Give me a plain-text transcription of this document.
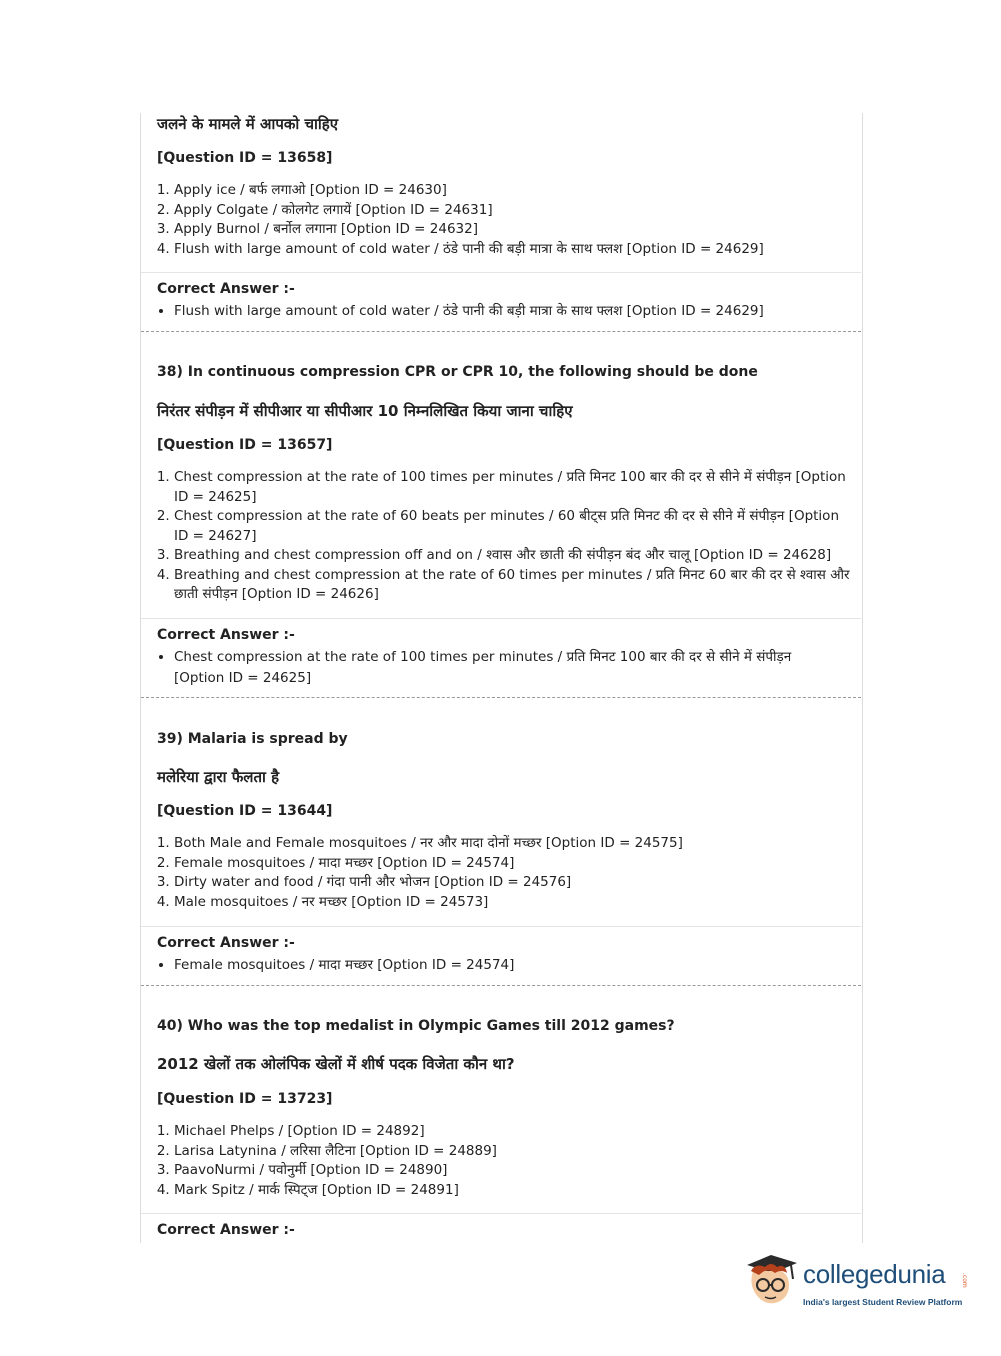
जलने के मामले में आपको चाहिए
[Question ID = 13658]
1. Apply ice / बर्फ लगाओ [Option ID = 24630]
2. Apply Colgate / कोलगेट लगायें [Option ID = 24631]
3. Apply Burnol / बर्नोल लगाना [Option ID = 24632]
4. Flush with large amount of cold water / ठंडे पानी की बड़ी मात्रा के साथ फ्लश [Option ID = 24629]
Correct Answer :-
• Flush with large amount of cold water / ठंडे पानी की बड़ी मात्रा के साथ फ्लश [Option ID = 24629]
38) In continuous compression CPR or CPR 10, the following should be done
निरंतर संपीड़न में सीपीआर या सीपीआर 10 निम्नलिखित किया जाना चाहिए
[Question ID = 13657]
1. Chest compression at the rate of 100 times per minutes / प्रति मिनट 100 बार की दर से सीने में संपीड़न [Option ID = 24625]
2. Chest compression at the rate of 60 beats per minutes / 60 बीट्स प्रति मिनट की दर से सीने में संपीड़न [Option ID = 24627]
3. Breathing and chest compression off and on / श्वास और छाती की संपीड़न बंद और चालू [Option ID = 24628]
4. Breathing and chest compression at the rate of 60 times per minutes / प्रति मिनट 60 बार की दर से श्वास और छाती संपीड़न [Option ID = 24626]
Correct Answer :-
• Chest compression at the rate of 100 times per minutes / प्रति मिनट 100 बार की दर से सीने में संपीड़न [Option ID = 24625]
39) Malaria is spread by
मलेरिया द्वारा फैलता है
[Question ID = 13644]
1. Both Male and Female mosquitoes / नर और मादा दोनों मच्छर [Option ID = 24575]
2. Female mosquitoes / मादा मच्छर [Option ID = 24574]
3. Dirty water and food / गंदा पानी और भोजन [Option ID = 24576]
4. Male mosquitoes / नर मच्छर [Option ID = 24573]
Correct Answer :-
• Female mosquitoes / मादा मच्छर [Option ID = 24574]
40) Who was the top medalist in Olympic Games till 2012 games?
2012 खेलों तक ओलंपिक खेलों में शीर्ष पदक विजेता कौन था?
[Question ID = 13723]
1. Michael Phelps / [Option ID = 24892]
2. Larisa Latynina / लरिसा लैटिना [Option ID = 24889]
3. PaavoNurmi / पवोनुर्मी [Option ID = 24890]
4. Mark Spitz / मार्क स्पिट्ज [Option ID = 24891]
Correct Answer :-
collegedunia	.com
India's largest Student Review Platform
